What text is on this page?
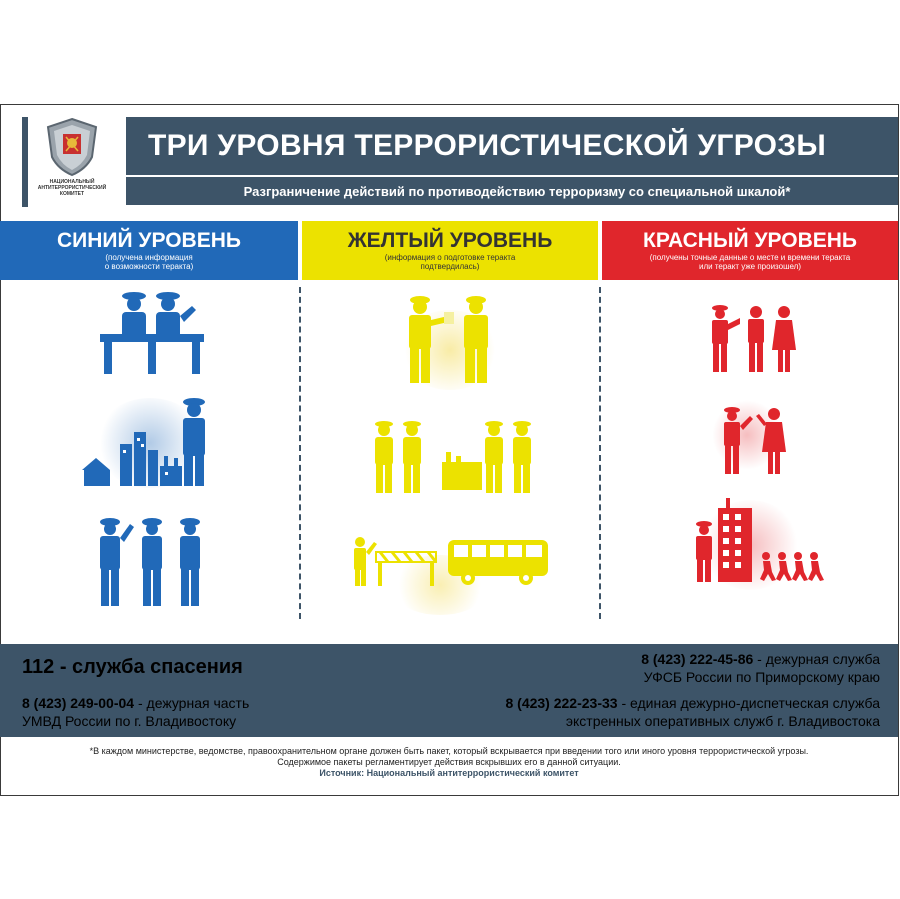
НАЦИОНАЛЬНЫЙ
АНТИТЕРРОРИСТИЧЕСКИЙ
КОМИТЕТ
ТРИ УРОВНЯ ТЕРРОРИСТИЧЕСКОЙ УГРОЗЫ
Разграничение действий по противодействию терроризму со специальной шкалой*
СИНИЙ УРОВЕНЬ
(получена информация
о возможности теракта)
ЖЕЛТЫЙ УРОВЕНЬ
(информация о подготовке теракта
подтвердилась)
КРАСНЫЙ УРОВЕНЬ
(получены точные данные о месте и времени теракта
или теракт уже произошел)
112 - служба спасения
8 (423) 249-00-04 - дежурная часть
УМВД России по г. Владивостоку
8 (423) 222-45-86 - дежурная служба
УФСБ России по Приморскому краю
8 (423) 222-23-33 - единая дежурно-диспетческая служба
экстренных оперативных служб г. Владивостока
*В каждом министерстве, ведомстве, правоохранительном органе должен быть пакет, который вскрывается при введении того или иного уровня террористической угрозы.
Содержимое пакеты регламентирует действия вскрывших его в данной ситуации.
Источник: Национальный антитеррористический комитет
